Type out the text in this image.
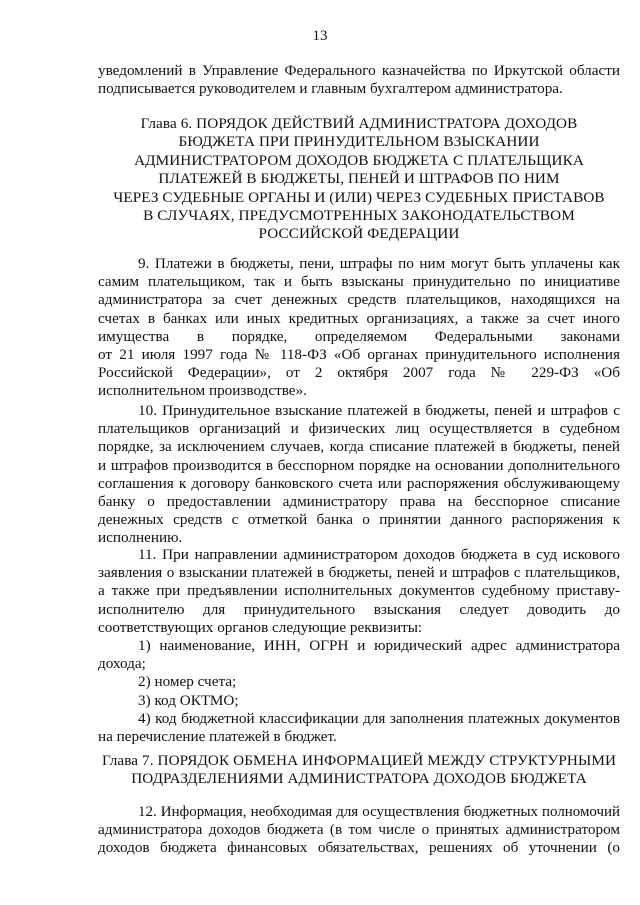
13
уведомлений в Управление Федерального казначейства по Иркутской области
подписывается руководителем и главным бухгалтером администратора.
Глава 6. ПОРЯДОК ДЕЙСТВИЙ АДМИНИСТРАТОРА ДОХОДОВ
БЮДЖЕТА ПРИ ПРИНУДИТЕЛЬНОМ ВЗЫСКАНИИ
АДМИНИСТРАТОРОМ ДОХОДОВ БЮДЖЕТА С ПЛАТЕЛЬЩИКА
ПЛАТЕЖЕЙ В БЮДЖЕТЫ, ПЕНЕЙ И ШТРАФОВ ПО НИМ
ЧЕРЕЗ СУДЕБНЫЕ ОРГАНЫ И (ИЛИ) ЧЕРЕЗ СУДЕБНЫХ ПРИСТАВОВ
В СЛУЧАЯХ, ПРЕДУСМОТРЕННЫХ ЗАКОНОДАТЕЛЬСТВОМ
РОССИЙСКОЙ ФЕДЕРАЦИИ
9. Платежи в бюджеты, пени, штрафы по ним могут быть уплачены как
самим плательщиком, так и быть взысканы принудительно по инициативе
администратора за счет денежных средств плательщиков, находящихся на
счетах в банках или иных кредитных организациях, а также за счет иного
имущества в порядке, определяемом Федеральными законами
от 21 июля 1997 года № 118-ФЗ «Об органах принудительного исполнения
Российской Федерации», от 2 октября 2007 года № 229-ФЗ «Об
исполнительном производстве».
10. Принудительное взыскание платежей в бюджеты, пеней и штрафов с
плательщиков организаций и физических лиц осуществляется в судебном
порядке, за исключением случаев, когда списание платежей в бюджеты, пеней
и штрафов производится в бесспорном порядке на основании дополнительного
соглашения к договору банковского счета или распоряжения обслуживающему
банку о предоставлении администратору права на бесспорное списание
денежных средств с отметкой банка о принятии данного распоряжения к
исполнению.
11. При направлении администратором доходов бюджета в суд искового
заявления о взыскании платежей в бюджеты, пеней и штрафов с плательщиков,
а также при предъявлении исполнительных документов судебному приставу-
исполнителю для принудительного взыскания следует доводить до
соответствующих органов следующие реквизиты:
1) наименование, ИНН, ОГРН и юридический адрес администратора
дохода;
2) номер счета;
3) код ОКТМО;
4) код бюджетной классификации для заполнения платежных документов
на перечисление платежей в бюджет.
Глава 7. ПОРЯДОК ОБМЕНА ИНФОРМАЦИЕЙ МЕЖДУ СТРУКТУРНЫМИ
ПОДРАЗДЕЛЕНИЯМИ АДМИНИСТРАТОРА ДОХОДОВ БЮДЖЕТА
12. Информация, необходимая для осуществления бюджетных полномочий
администратора доходов бюджета (в том числе о принятых администратором
доходов бюджета финансовых обязательствах, решениях об уточнении (о
